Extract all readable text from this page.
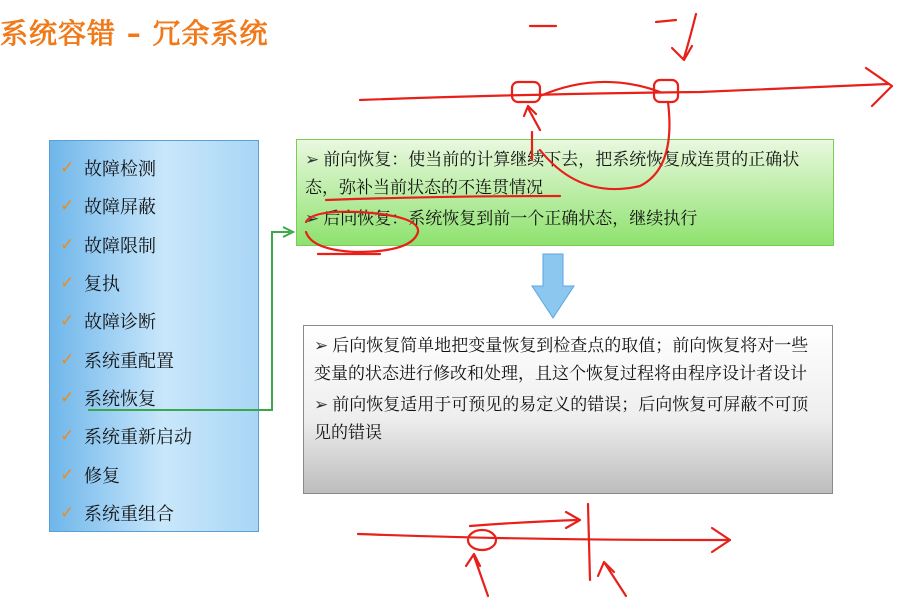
系统容错 – 冗余系统
✓ 故障检测
✓ 故障屏蔽
✓ 故障限制
✓ 复执
✓ 故障诊断
✓ 系统重配置
✓ 系统恢复
✓ 系统重新启动
✓ 修复
✓ 系统重组合

➢ 前向恢复：使当前的计算继续下去，把系统恢复成连贯的正确状态，弥补当前状态的不连贯情况

➢ 后向恢复：系统恢复到前一个正确状态，继续执行

➢ 后向恢复简单地把变量恢复到检查点的取值；前向恢复将对一些变量的状态进行修改和处理，且这个恢复过程将由程序设计者设计

➢ 前向恢复适用于可预见的易定义的错误；后向恢复可屏蔽不可顶见的错误
